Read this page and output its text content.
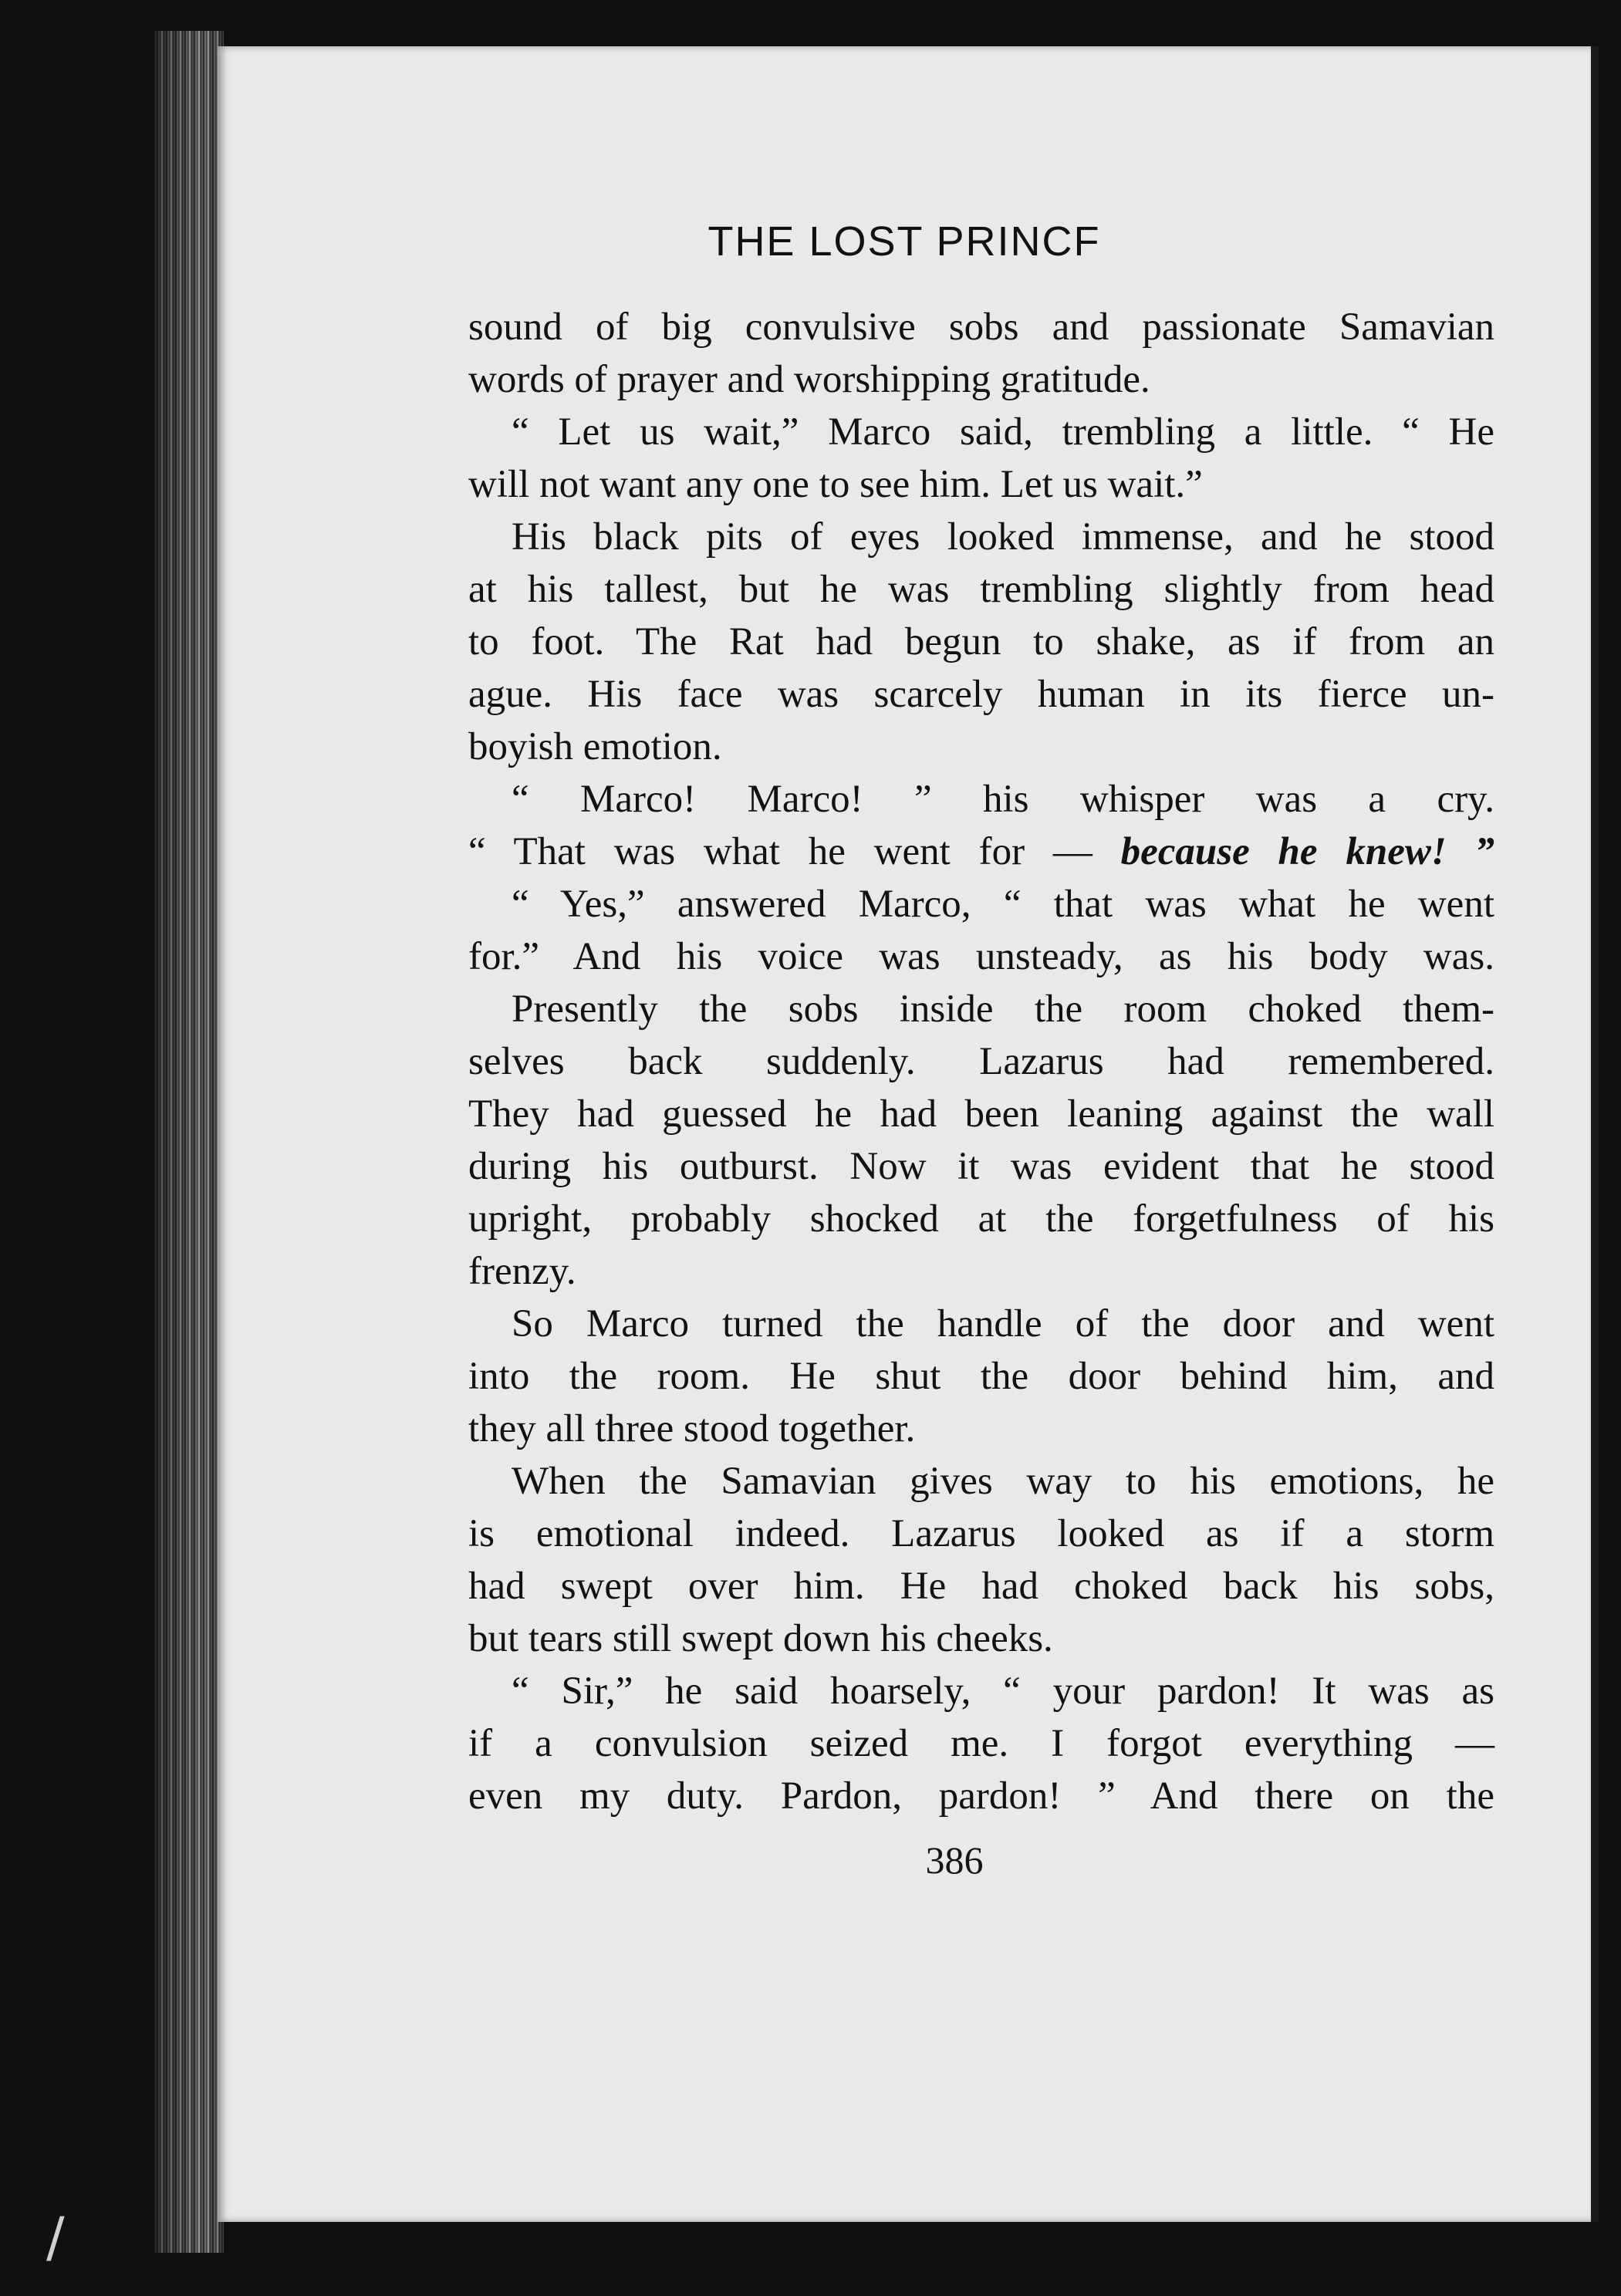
THE LOST PRINCF
sound of big convulsive sobs and passionate Samavian
words of prayer and worshipping gratitude.
“ Let us wait,” Marco said, trembling a little. “ He
will not want any one to see him. Let us wait.”
His black pits of eyes looked immense, and he stood
at his tallest, but he was trembling slightly from head
to foot. The Rat had begun to shake, as if from an
ague. His face was scarcely human in its fierce un-
boyish emotion.
“ Marco! Marco! ” his whisper was a cry.
“ That was what he went for — because he knew! ”
“ Yes,” answered Marco, “ that was what he went
for.” And his voice was unsteady, as his body was.
Presently the sobs inside the room choked them-
selves back suddenly. Lazarus had remembered.
They had guessed he had been leaning against the wall
during his outburst. Now it was evident that he stood
upright, probably shocked at the forgetfulness of his
frenzy.
So Marco turned the handle of the door and went
into the room. He shut the door behind him, and
they all three stood together.
When the Samavian gives way to his emotions, he
is emotional indeed. Lazarus looked as if a storm
had swept over him. He had choked back his sobs,
but tears still swept down his cheeks.
“ Sir,” he said hoarsely, “ your pardon! It was as
if a convulsion seized me. I forgot everything —
even my duty. Pardon, pardon! ” And there on the
386
/
